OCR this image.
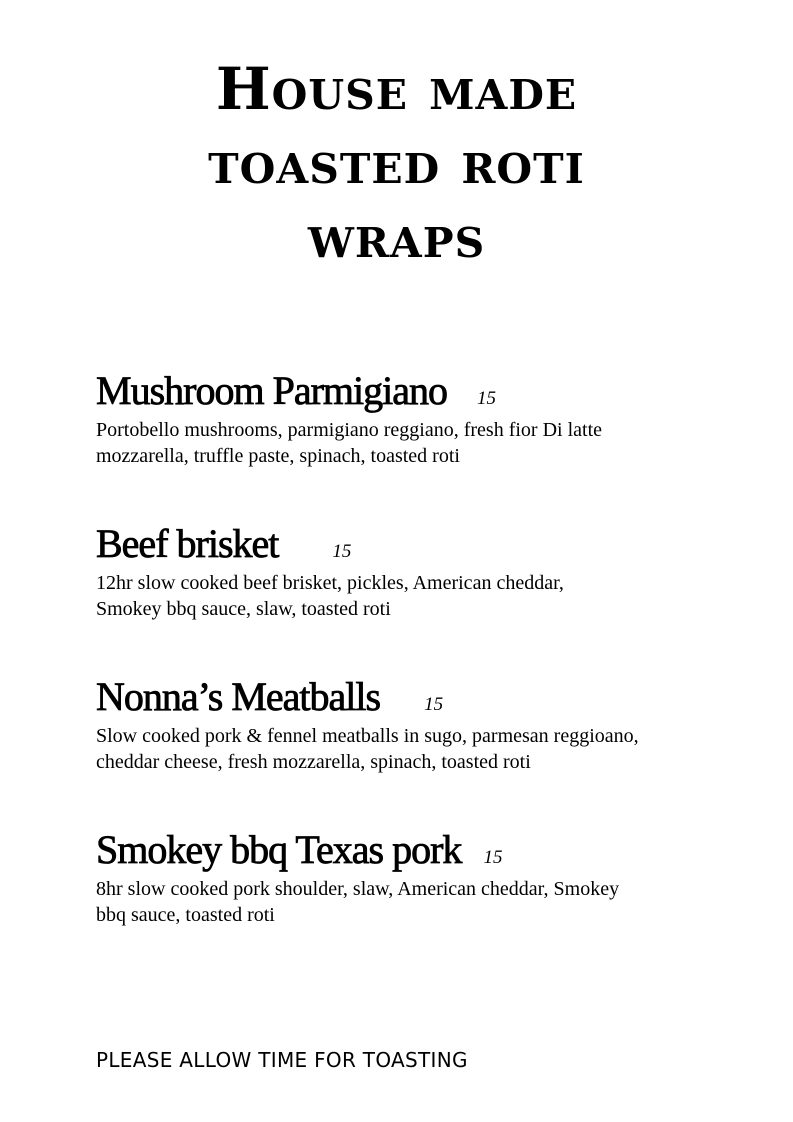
House made
toasted roti
wraps
Mushroom Parmigiano 15
Portobello mushrooms, parmigiano reggiano, fresh fior Di latte
mozzarella, truffle paste, spinach, toasted roti
Beef brisket	15
12hr slow cooked beef brisket, pickles, American cheddar,
Smokey bbq sauce, slaw, toasted roti
Nonna’s Meatballs 15
Slow cooked pork & fennel meatballs in sugo, parmesan reggioano,
cheddar cheese, fresh mozzarella, spinach, toasted roti
Smokey bbq Texas pork 15
8hr slow cooked pork shoulder, slaw, American cheddar, Smokey
bbq sauce, toasted roti
PLEASE ALLOW TIME FOR TOASTING
